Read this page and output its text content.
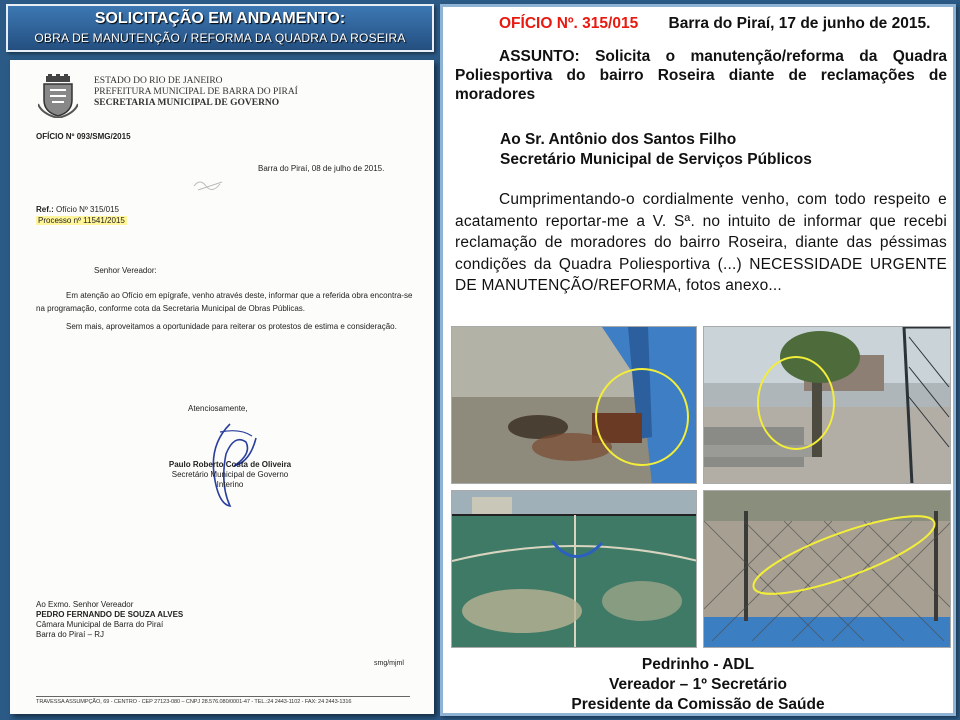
SOLICITAÇÃO EM ANDAMENTO:
OBRA DE MANUTENÇÃO / REFORMA DA QUADRA DA ROSEIRA
ESTADO DO RIO DE JANEIRO
PREFEITURA MUNICIPAL DE BARRA DO PIRAÍ
SECRETARIA MUNICIPAL DE GOVERNO
OFÍCIO Nº 093/SMG/2015
Barra do Piraí, 08 de julho de 2015.
Ref.: Ofício Nº 315/015
Processo nº 11541/2015
Senhor Vereador:

Em atenção ao Ofício em epígrafe, venho através deste, informar que a referida obra encontra-se na programação, conforme cota da Secretaria Municipal de Obras Públicas.

Sem mais, aproveitamos a oportunidade para reiterar os protestos de estima e consideração.

Atenciosamente,
Paulo Roberto Costa de Oliveira
Secretário Municipal de Governo
Interino
Ao Exmo. Senhor Vereador
PEDRO FERNANDO DE SOUZA ALVES
Câmara Municipal de Barra do Piraí
Barra do Piraí – RJ
smg/mjml
TRAVESSA ASSUMPÇÃO, 69 - CENTRO - CEP 27123-080 – CNPJ 28.576.080/0001-47 - TEL.:24 2443-1102 - FAX: 24 2443-1316
OFÍCIO Nº. 315/015 Barra do Piraí, 17 de junho de 2015.
ASSUNTO: Solicita o manutenção/reforma da Quadra Poliesportiva do bairro Roseira diante de reclamações de moradores
Ao Sr. Antônio dos Santos Filho
Secretário Municipal de Serviços Públicos
Cumprimentando-o cordialmente venho, com todo respeito e acatamento reportar-me a V. Sª. no intuito de informar que recebi reclamação de moradores do bairro Roseira, diante das péssimas condições da Quadra Poliesportiva (...) NECESSIDADE URGENTE DE MANUTENÇÃO/REFORMA, fotos anexo...
Pedrinho - ADL
Vereador – 1º Secretário
Presidente da Comissão de Saúde
